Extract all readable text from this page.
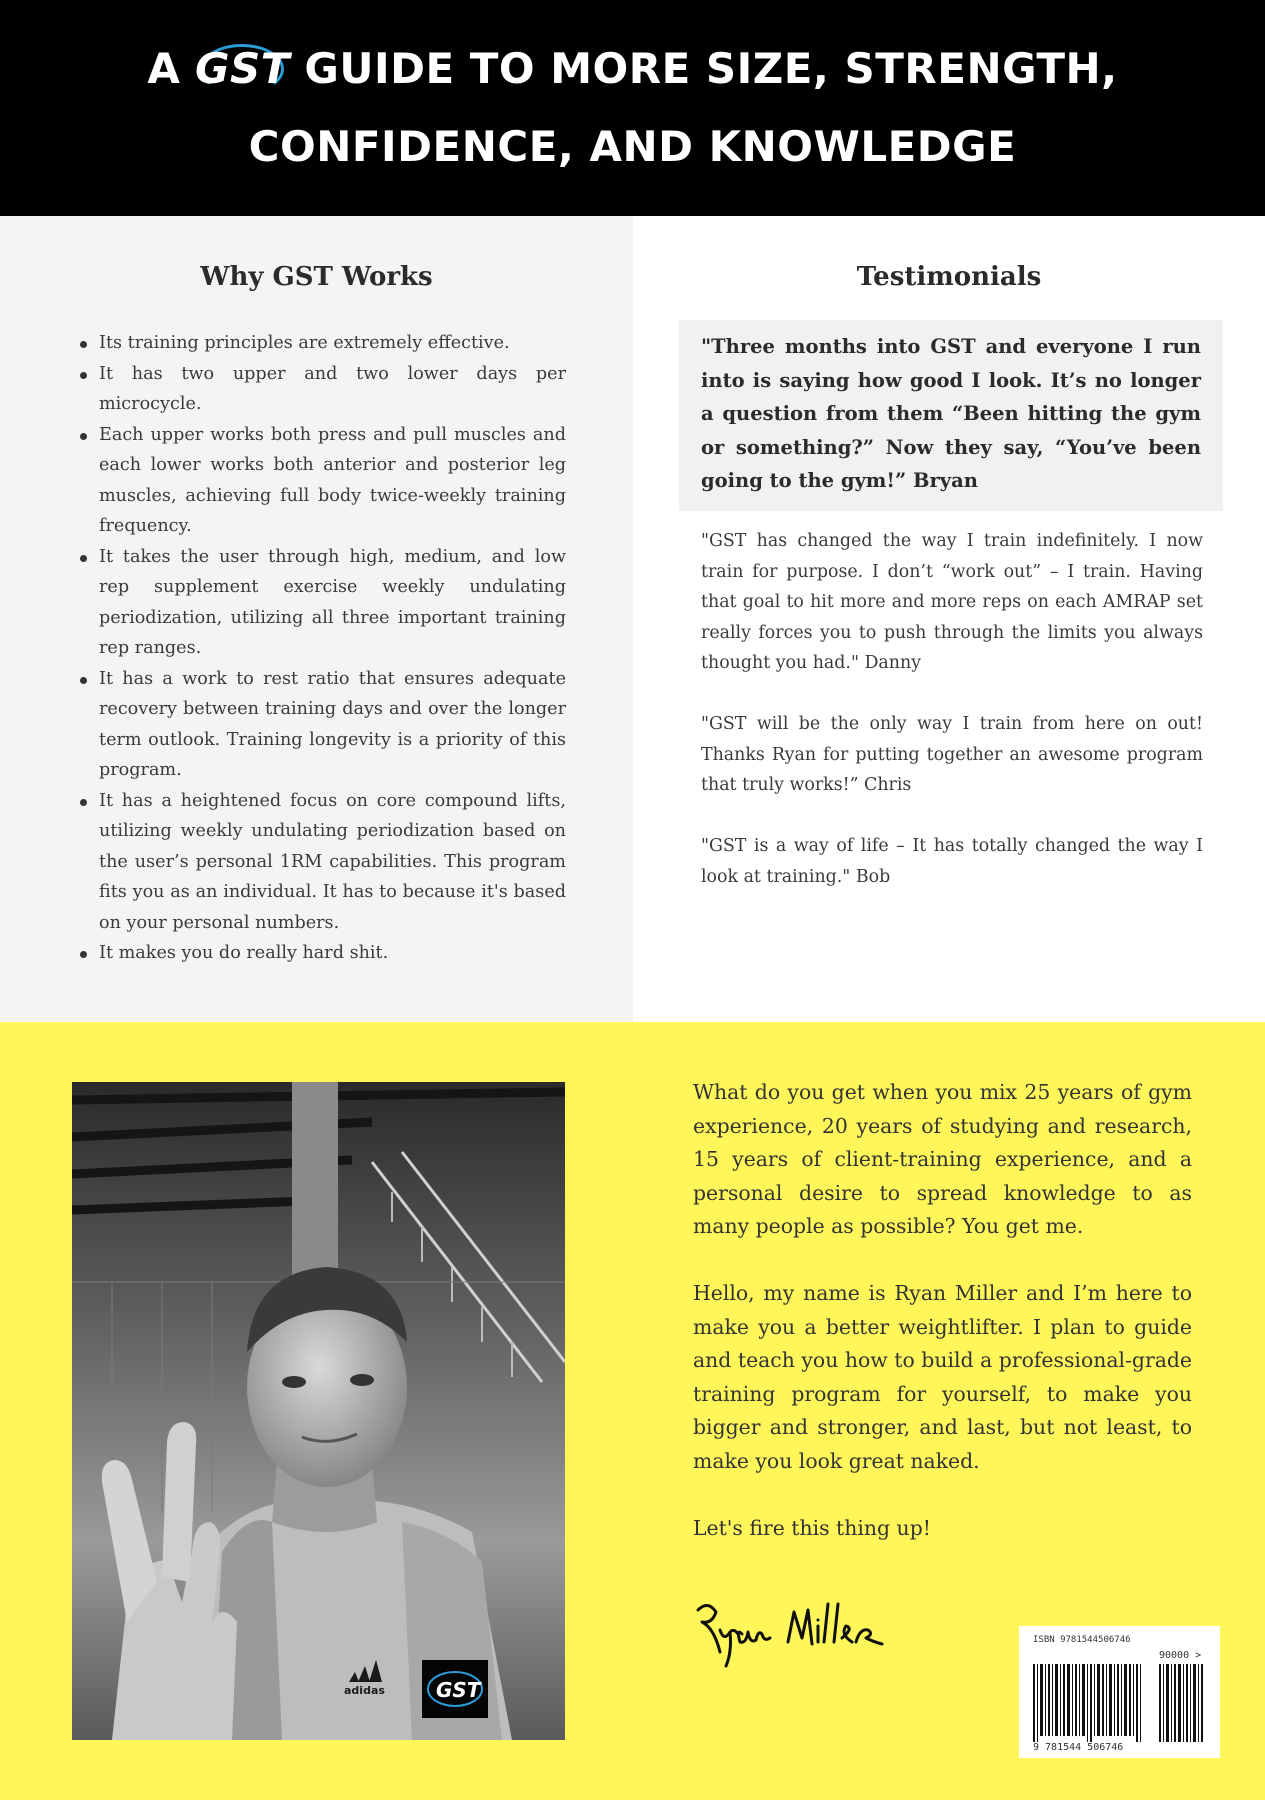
A GST GUIDE TO MORE SIZE, STRENGTH,
CONFIDENCE, AND KNOWLEDGE
Why GST Works
Its training principles are extremely effective.
It has two upper and two lower days per microcycle.
Each upper works both press and pull muscles and each lower works both anterior and posterior leg muscles, achieving full body twice-weekly training frequency.
It takes the user through high, medium, and low rep supplement exercise weekly undulating periodization, utilizing all three important training rep ranges.
It has a work to rest ratio that ensures adequate recovery between training days and over the longer term outlook. Training longevity is a priority of this program.
It has a heightened focus on core compound lifts, utilizing weekly undulating periodization based on the user’s personal 1RM capabilities. This program fits you as an individual. It has to because it's based on your personal numbers.
It makes you do really hard shit.
Testimonials

"Three months into GST and everyone I run into is saying how good I look. It’s no longer a question from them “Been hitting the gym or something?” Now they say, “You’ve been going to the gym!” Bryan

"GST has changed the way I train indefinitely. I now train for purpose. I don’t “work out” – I train. Having that goal to hit more and more reps on each AMRAP set really forces you to push through the limits you always thought you had." Danny

"GST will be the only way I train from here on out! Thanks Ryan for putting together an awesome program that truly works!” Chris

"GST is a way of life – It has totally changed the way I look at training." Bob

adidas	GST

What do you get when you mix 25 years of gym experience, 20 years of studying and research, 15 years of client-training experience, and a personal desire to spread knowledge to as many people as possible? You get me.

Hello, my name is Ryan Miller and I’m here to make you a better weightlifter. I plan to guide and teach you how to build a professional-grade training program for yourself, to make you bigger and stronger, and last, but not least, to make you look great naked.

Let's fire this thing up!

ISBN 9781544506746
90000 >
9 781544 506746
